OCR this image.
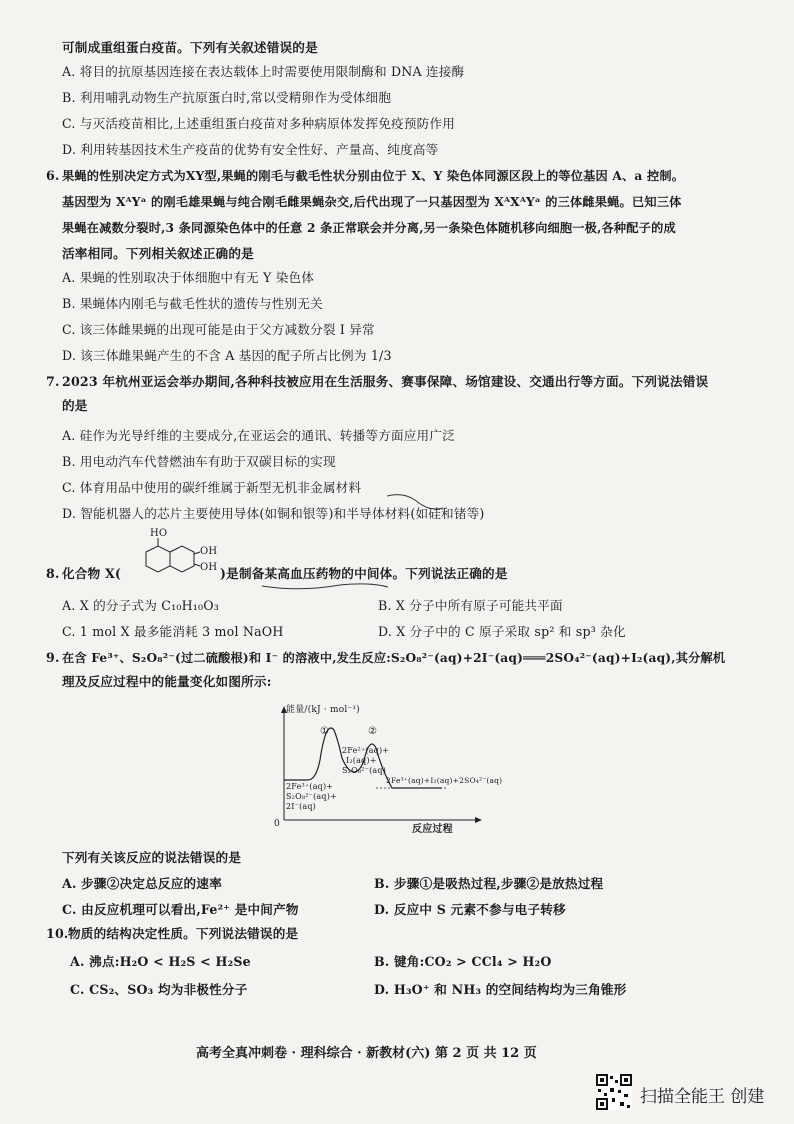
可制成重组蛋白疫苗。下列有关叙述错误的是
A. 将目的抗原基因连接在表达载体上时需要使用限制酶和 DNA 连接酶
B. 利用哺乳动物生产抗原蛋白时,常以受精卵作为受体细胞
C. 与灭活疫苗相比,上述重组蛋白疫苗对多种病原体发挥免疫预防作用
D. 利用转基因技术生产疫苗的优势有安全性好、产量高、纯度高等
6. 果蝇的性别决定方式为XY型,果蝇的刚毛与截毛性状分别由位于 X、Y 染色体同源区段上的等位基因 A、a 控制。
基因型为 XᴬYᵃ 的刚毛雄果蝇与纯合刚毛雌果蝇杂交,后代出现了一只基因型为 XᴬXᴬYᵃ 的三体雌果蝇。已知三体
果蝇在减数分裂时,3 条同源染色体中的任意 2 条正常联会并分离,另一条染色体随机移向细胞一极,各种配子的成
活率相同。下列相关叙述正确的是
A. 果蝇的性别取决于体细胞中有无 Y 染色体
B. 果蝇体内刚毛与截毛性状的遗传与性别无关
C. 该三体雌果蝇的出现可能是由于父方减数分裂 Ⅰ 异常
D. 该三体雌果蝇产生的不含 A 基因的配子所占比例为 1/3
7. 2023 年杭州亚运会举办期间,各种科技被应用在生活服务、赛事保障、场馆建设、交通出行等方面。下列说法错误
的是
A. 硅作为光导纤维的主要成分,在亚运会的通讯、转播等方面应用广泛
B. 用电动汽车代替燃油车有助于双碳目标的实现
C. 体育用品中使用的碳纤维属于新型无机非金属材料
D. 智能机器人的芯片主要使用导体(如铜和银等)和半导体材料(如硅和锗等)
8. 化合物 X(
HO
OH
OH )是制备某高血压药物的中间体。下列说法正确的是
A. X 的分子式为 C₁₀H₁₀O₃	B. X 分子中所有原子可能共平面
C. 1 mol X 最多能消耗 3 mol NaOH	D. X 分子中的 C 原子采取 sp² 和 sp³ 杂化
9. 在含 Fe³⁺、S₂O₈²⁻(过二硫酸根)和 I⁻ 的溶液中,发生反应:S₂O₈²⁻(aq)+2I⁻(aq)═══2SO₄²⁻(aq)+I₂(aq),其分解机
理及反应过程中的能量变化如图所示:
能量/(kJ · mol⁻¹)
反应过程
0
①	②
2Fe³⁺(aq)+
S₂O₈²⁻(aq)+
2I⁻(aq)
2Fe²⁺(aq)+
I₂(aq)+
S₂O₈²⁻(aq)
2Fe³⁺(aq)+I₂(aq)+2SO₄²⁻(aq)
下列有关该反应的说法错误的是
A. 步骤②决定总反应的速率	B. 步骤①是吸热过程,步骤②是放热过程
C. 由反应机理可以看出,Fe²⁺ 是中间产物	D. 反应中 S 元素不参与电子转移
10. 物质的结构决定性质。下列说法错误的是
A. 沸点:H₂O < H₂S < H₂Se	B. 键角:CO₂ > CCl₄ > H₂O
C. CS₂、SO₃ 均为非极性分子	D. H₃O⁺ 和 NH₃ 的空间结构均为三角锥形
高考全真冲刺卷 · 理科综合 · 新教材(六) 第 2 页 共 12 页
扫描全能王 创建
